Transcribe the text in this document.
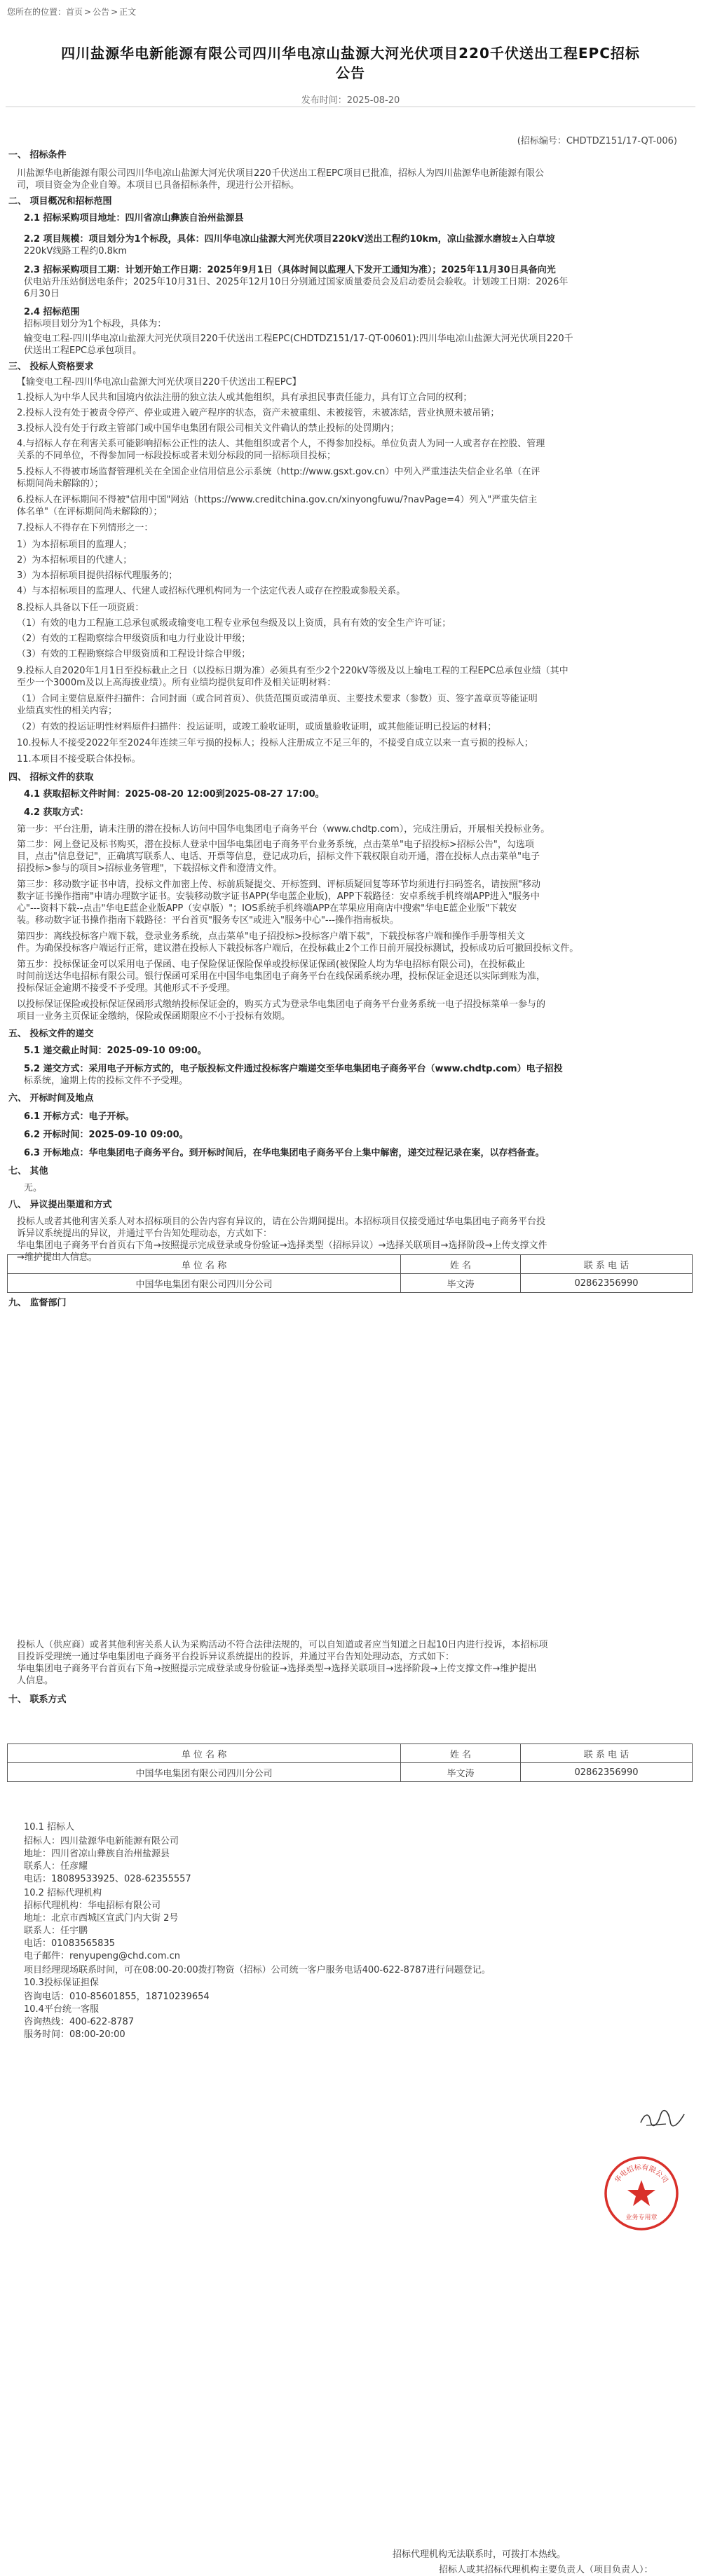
您所在的位置：首页 > 公告 > 正文
四川盐源华电新能源有限公司四川华电凉山盐源大河光伏项目220千伏送出工程EPC招标
公告
发布时间：2025-08-20
(招标编号：CHDTDZ151/17-QT-006)
一、 招标条件
川盐源华电新能源有限公司四川华电凉山盐源大河光伏项目220千伏送出工程EPC项目已批准，招标人为四川盐源华电新能源有限公
司，项目资金为企业自筹。本项目已具备招标条件，现进行公开招标。
二、 项目概况和招标范围
2.1 招标采购项目地址：四川省凉山彝族自治州盐源县
2.2 项目规模：项目划分为1个标段，具体：四川华电凉山盐源大河光伏项目220kV送出工程约10km，凉山盐源水磨坡±入白草坡
220kV线路工程约0.8km
2.3 招标采购项目工期：计划开始工作日期：2025年9月1日（具体时间以监理人下发开工通知为准）；2025年11月30日具备向光
伏电站升压站倒送电条件；2025年10月31日、2025年12月10日分别通过国家质量委员会及启动委员会验收。计划竣工日期：2026年
6月30日
2.4 招标范围
招标项目划分为1个标段，具体为：
输变电工程-四川华电凉山盐源大河光伏项目220千伏送出工程EPC(CHDTDZ151/17-QT-00601):四川华电凉山盐源大河光伏项目220千
伏送出工程EPC总承包项目。
三、 投标人资格要求
【输变电工程-四川华电凉山盐源大河光伏项目220千伏送出工程EPC】
1.投标人为中华人民共和国境内依法注册的独立法人或其他组织，具有承担民事责任能力，具有订立合同的权利；
2.投标人没有处于被责令停产、停业或进入破产程序的状态，资产未被重组、未被接管，未被冻结，营业执照未被吊销；
3.投标人没有处于行政主管部门或中国华电集团有限公司相关文件确认的禁止投标的处罚期内；
4.与招标人存在利害关系可能影响招标公正性的法人、其他组织或者个人，不得参加投标。单位负责人为同一人或者存在控股、管理
关系的不同单位，不得参加同一标段投标或者未划分标段的同一招标项目投标；
5.投标人不得被市场监督管理机关在全国企业信用信息公示系统（http://www.gsxt.gov.cn）中列入严重违法失信企业名单（在评
标期间尚未解除的）；
6.投标人在评标期间不得被"信用中国"网站（https://www.creditchina.gov.cn/xinyongfuwu/?navPage=4）列入"严重失信主
体名单"（在评标期间尚未解除的）；
7.投标人不得存在下列情形之一：
1）为本招标项目的监理人；
2）为本招标项目的代建人；
3）为本招标项目提供招标代理服务的；
4）与本招标项目的监理人、代建人或招标代理机构同为一个法定代表人或存在控股或参股关系。
8.投标人具备以下任一项资质：
（1）有效的电力工程施工总承包贰级或输变电工程专业承包叁级及以上资质，具有有效的安全生产许可证；
（2）有效的工程勘察综合甲级资质和电力行业设计甲级；
（3）有效的工程勘察综合甲级资质和工程设计综合甲级；
9.投标人自2020年1月1日至投标截止之日（以投标日期为准）必须具有至少2个220kV等级及以上输电工程的工程EPC总承包业绩（其中
至少一个3000m及以上高海拔业绩）。所有业绩均提供复印件及相关证明材料：
（1）合同主要信息原件扫描件：合同封面（或合同首页）、供货范围页或清单页、主要技术要求（参数）页、签字盖章页等能证明
业绩真实性的相关内容；
（2）有效的投运证明性材料原件扫描件：投运证明，或竣工验收证明，或质量验收证明，或其他能证明已投运的材料；
10.投标人不接受2022年至2024年连续三年亏损的投标人；投标人注册成立不足三年的，不接受自成立以来一直亏损的投标人；
11.本项目不接受联合体投标。
四、 招标文件的获取
4.1 获取招标文件时间：2025-08-20 12:00到2025-08-27 17:00。
4.2 获取方式：
第一步：平台注册，请未注册的潜在投标人访问中国华电集团电子商务平台（www.chdtp.com），完成注册后，开展相关投标业务。
第二步：网上登记及标书购买，潜在投标人登录中国华电集团电子商务平台业务系统，点击菜单"电子招投标>招标公告"，勾选项
目，点击"信息登记"，正确填写联系人、电话、开票等信息，登记成功后，招标文件下载权限自动开通，潜在投标人点击菜单"电子
招投标>参与的项目>招标业务管理"，下载招标文件和澄清文件。
第三步：移动数字证书申请，投标文件加密上传、标前质疑提交、开标签到、评标质疑回复等环节均须进行扫码签名，请按照"移动
数字证书操作指南"申请办理数字证书。安装移动数字证书APP(华电蓝企业版)，APP下载路径：安卓系统手机终端APP进入"服务中
心"---资料下载--点击"华电E蓝企业版APP（安卓版）"；IOS系统手机终端APP在苹果应用商店中搜索"华电E蓝企业版"下载安
装。移动数字证书操作指南下载路径：平台首页"服务专区"或进入"服务中心"---操作指南板块。
第四步：离线投标客户端下载，登录业务系统，点击菜单"电子招投标>投标客户端下载"，下载投标客户端和操作手册等相关文
件。为确保投标客户端运行正常，建议潜在投标人下载投标客户端后，在投标截止2个工作日前开展投标测试，投标成功后可撤回投标文件。
第五步：投标保证金可以采用电子保函、电子保险保证保险保单或投标保证保函(被保险人均为华电招标有限公司)，在投标截止
时间前送达华电招标有限公司。银行保函可采用在中国华电集团电子商务平台在线保函系统办理，投标保证金退还以实际到账为准，
投标保证金逾期不接受不予受理。其他形式不予受理。
以投标保证保险或投标保证保函形式缴纳投标保证金的，购买方式为登录华电集团电子商务平台业务系统一电子招投标菜单一参与的
项目一业务主页保证金缴纳，保险或保函期限应不小于投标有效期。
五、 投标文件的递交
5.1 递交截止时间：2025-09-10 09:00。
5.2 递交方式：采用电子开标方式的，电子版投标文件通过投标客户端递交至华电集团电子商务平台（www.chdtp.com）电子招投
标系统，逾期上传的投标文件不予受理。
六、 开标时间及地点
6.1 开标方式：电子开标。
6.2 开标时间：2025-09-10 09:00。
6.3 开标地点：华电集团电子商务平台。到开标时间后，在华电集团电子商务平台上集中解密，递交过程记录在案，以存档备查。
七、 其他
无。
八、 异议提出渠道和方式
投标人或者其他利害关系人对本招标项目的公告内容有异议的，请在公告期间提出。本招标项目仅接受通过华电集团电子商务平台投
诉异议系统提出的异议，并通过平台告知处理动态，方式如下：
华电集团电子商务平台首页右下角→按照提示完成登录或身份验证→选择类型（招标异议）→选择关联项目→选择阶段→上传支撑文件
→维护提出人信息。
九、 监督部门
投标人（供应商）或者其他利害关系人认为采购活动不符合法律法规的，可以自知道或者应当知道之日起10日内进行投诉，本招标项
目投诉受理统一通过华电集团电子商务平台投诉异议系统提出的投诉，并通过平台告知处理动态，方式如下：
华电集团电子商务平台首页右下角→按照提示完成登录或身份验证→选择类型→选择关联项目→选择阶段→上传支撑文件→维护提出
人信息。
十、 联系方式
10.1 招标人
招标人：四川盐源华电新能源有限公司
地址：四川省凉山彝族自治州盐源县
联系人：任彦耀
电话：18089533925、028-62355557
10.2 招标代理机构
招标代理机构：华电招标有限公司
地址：北京市西城区宣武门内大街 2号
联系人：任宇鹏
电话：01083565835
电子邮件：renyupeng@chd.com.cn
项目经理现场联系时间，可在08:00-20:00拨打物资（招标）公司统一客户服务电话400-622-8787进行问题登记。
10.3投标保证担保
咨询电话：010-85601855，18710239654
10.4平台统一客服
咨询热线：400-622-8787
服务时间：08:00-20:00
招标代理机构无法联系时，可拨打本热线。
招标人或其招标代理机构主要负责人（项目负责人）：
单 位 名 称	姓 名	联 系 电 话
中国华电集团有限公司四川分公司	毕文涛	02862356990
单 位 名 称	姓 名	联 系 电 话
中国华电集团有限公司四川分公司	毕文涛	02862356990
华电招标有限公司
业务专用章
